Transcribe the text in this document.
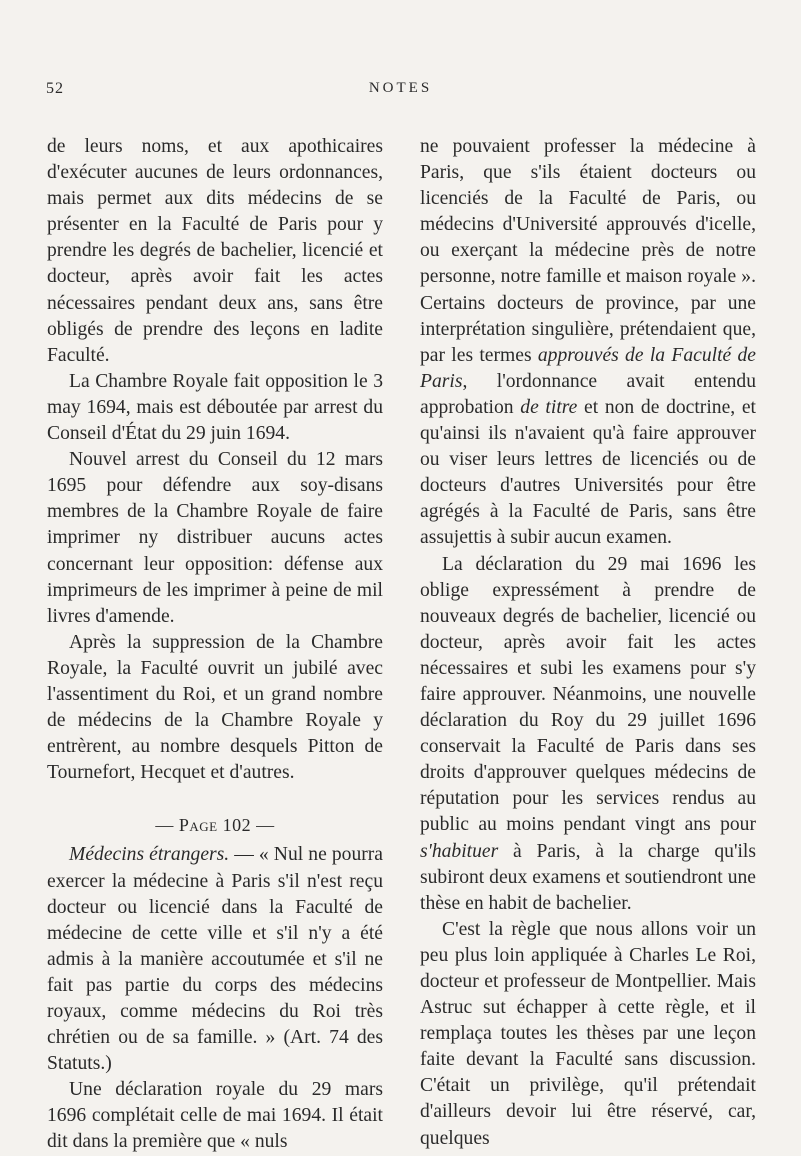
52	NOTES

de leurs noms, et aux apothicaires d'exécuter aucunes de leurs ordonnances, mais permet aux dits médecins de se présenter en la Faculté de Paris pour y prendre les degrés de bachelier, licencié et docteur, après avoir fait les actes nécessaires pendant deux ans, sans être obligés de prendre des leçons en ladite Faculté.

La Chambre Royale fait opposition le 3 may 1694, mais est déboutée par arrest du Conseil d'État du 29 juin 1694.

Nouvel arrest du Conseil du 12 mars 1695 pour défendre aux soy-disans membres de la Chambre Royale de faire imprimer ny distribuer aucuns actes concernant leur opposition: défense aux imprimeurs de les imprimer à peine de mil livres d'amende.

Après la suppression de la Chambre Royale, la Faculté ouvrit un jubilé avec l'assentiment du Roi, et un grand nombre de médecins de la Chambre Royale y entrèrent, au nombre desquels Pitton de Tournefort, Hecquet et d'autres.

— Page 102 —

Médecins étrangers. — « Nul ne pourra exercer la médecine à Paris s'il n'est reçu docteur ou licencié dans la Faculté de médecine de cette ville et s'il n'y a été admis à la manière accoutumée et s'il ne fait pas partie du corps des médecins royaux, comme médecins du Roi très chrétien ou de sa famille. » (Art. 74 des Statuts.)

Une déclaration royale du 29 mars 1696 complétait celle de mai 1694. Il était dit dans la première que « nuls

ne pouvaient professer la médecine à Paris, que s'ils étaient docteurs ou licenciés de la Faculté de Paris, ou médecins d'Université approuvés d'icelle, ou exerçant la médecine près de notre personne, notre famille et maison royale ». Certains docteurs de province, par une interprétation singulière, prétendaient que, par les termes approuvés de la Faculté de Paris, l'ordonnance avait entendu approbation de titre et non de doctrine, et qu'ainsi ils n'avaient qu'à faire approuver ou viser leurs lettres de licenciés ou de docteurs d'autres Universités pour être agrégés à la Faculté de Paris, sans être assujettis à subir aucun examen.

La déclaration du 29 mai 1696 les oblige expressément à prendre de nouveaux degrés de bachelier, licencié ou docteur, après avoir fait les actes nécessaires et subi les examens pour s'y faire approuver. Néanmoins, une nouvelle déclaration du Roy du 29 juillet 1696 conservait la Faculté de Paris dans ses droits d'approuver quelques médecins de réputation pour les services rendus au public au moins pendant vingt ans pour s'habituer à Paris, à la charge qu'ils subiront deux examens et soutiendront une thèse en habit de bachelier.

C'est la règle que nous allons voir un peu plus loin appliquée à Charles Le Roi, docteur et professeur de Montpellier. Mais Astruc sut échapper à cette règle, et il remplaça toutes les thèses par une leçon faite devant la Faculté sans discussion. C'était un privilège, qu'il prétendait d'ailleurs devoir lui être réservé, car, quelques
